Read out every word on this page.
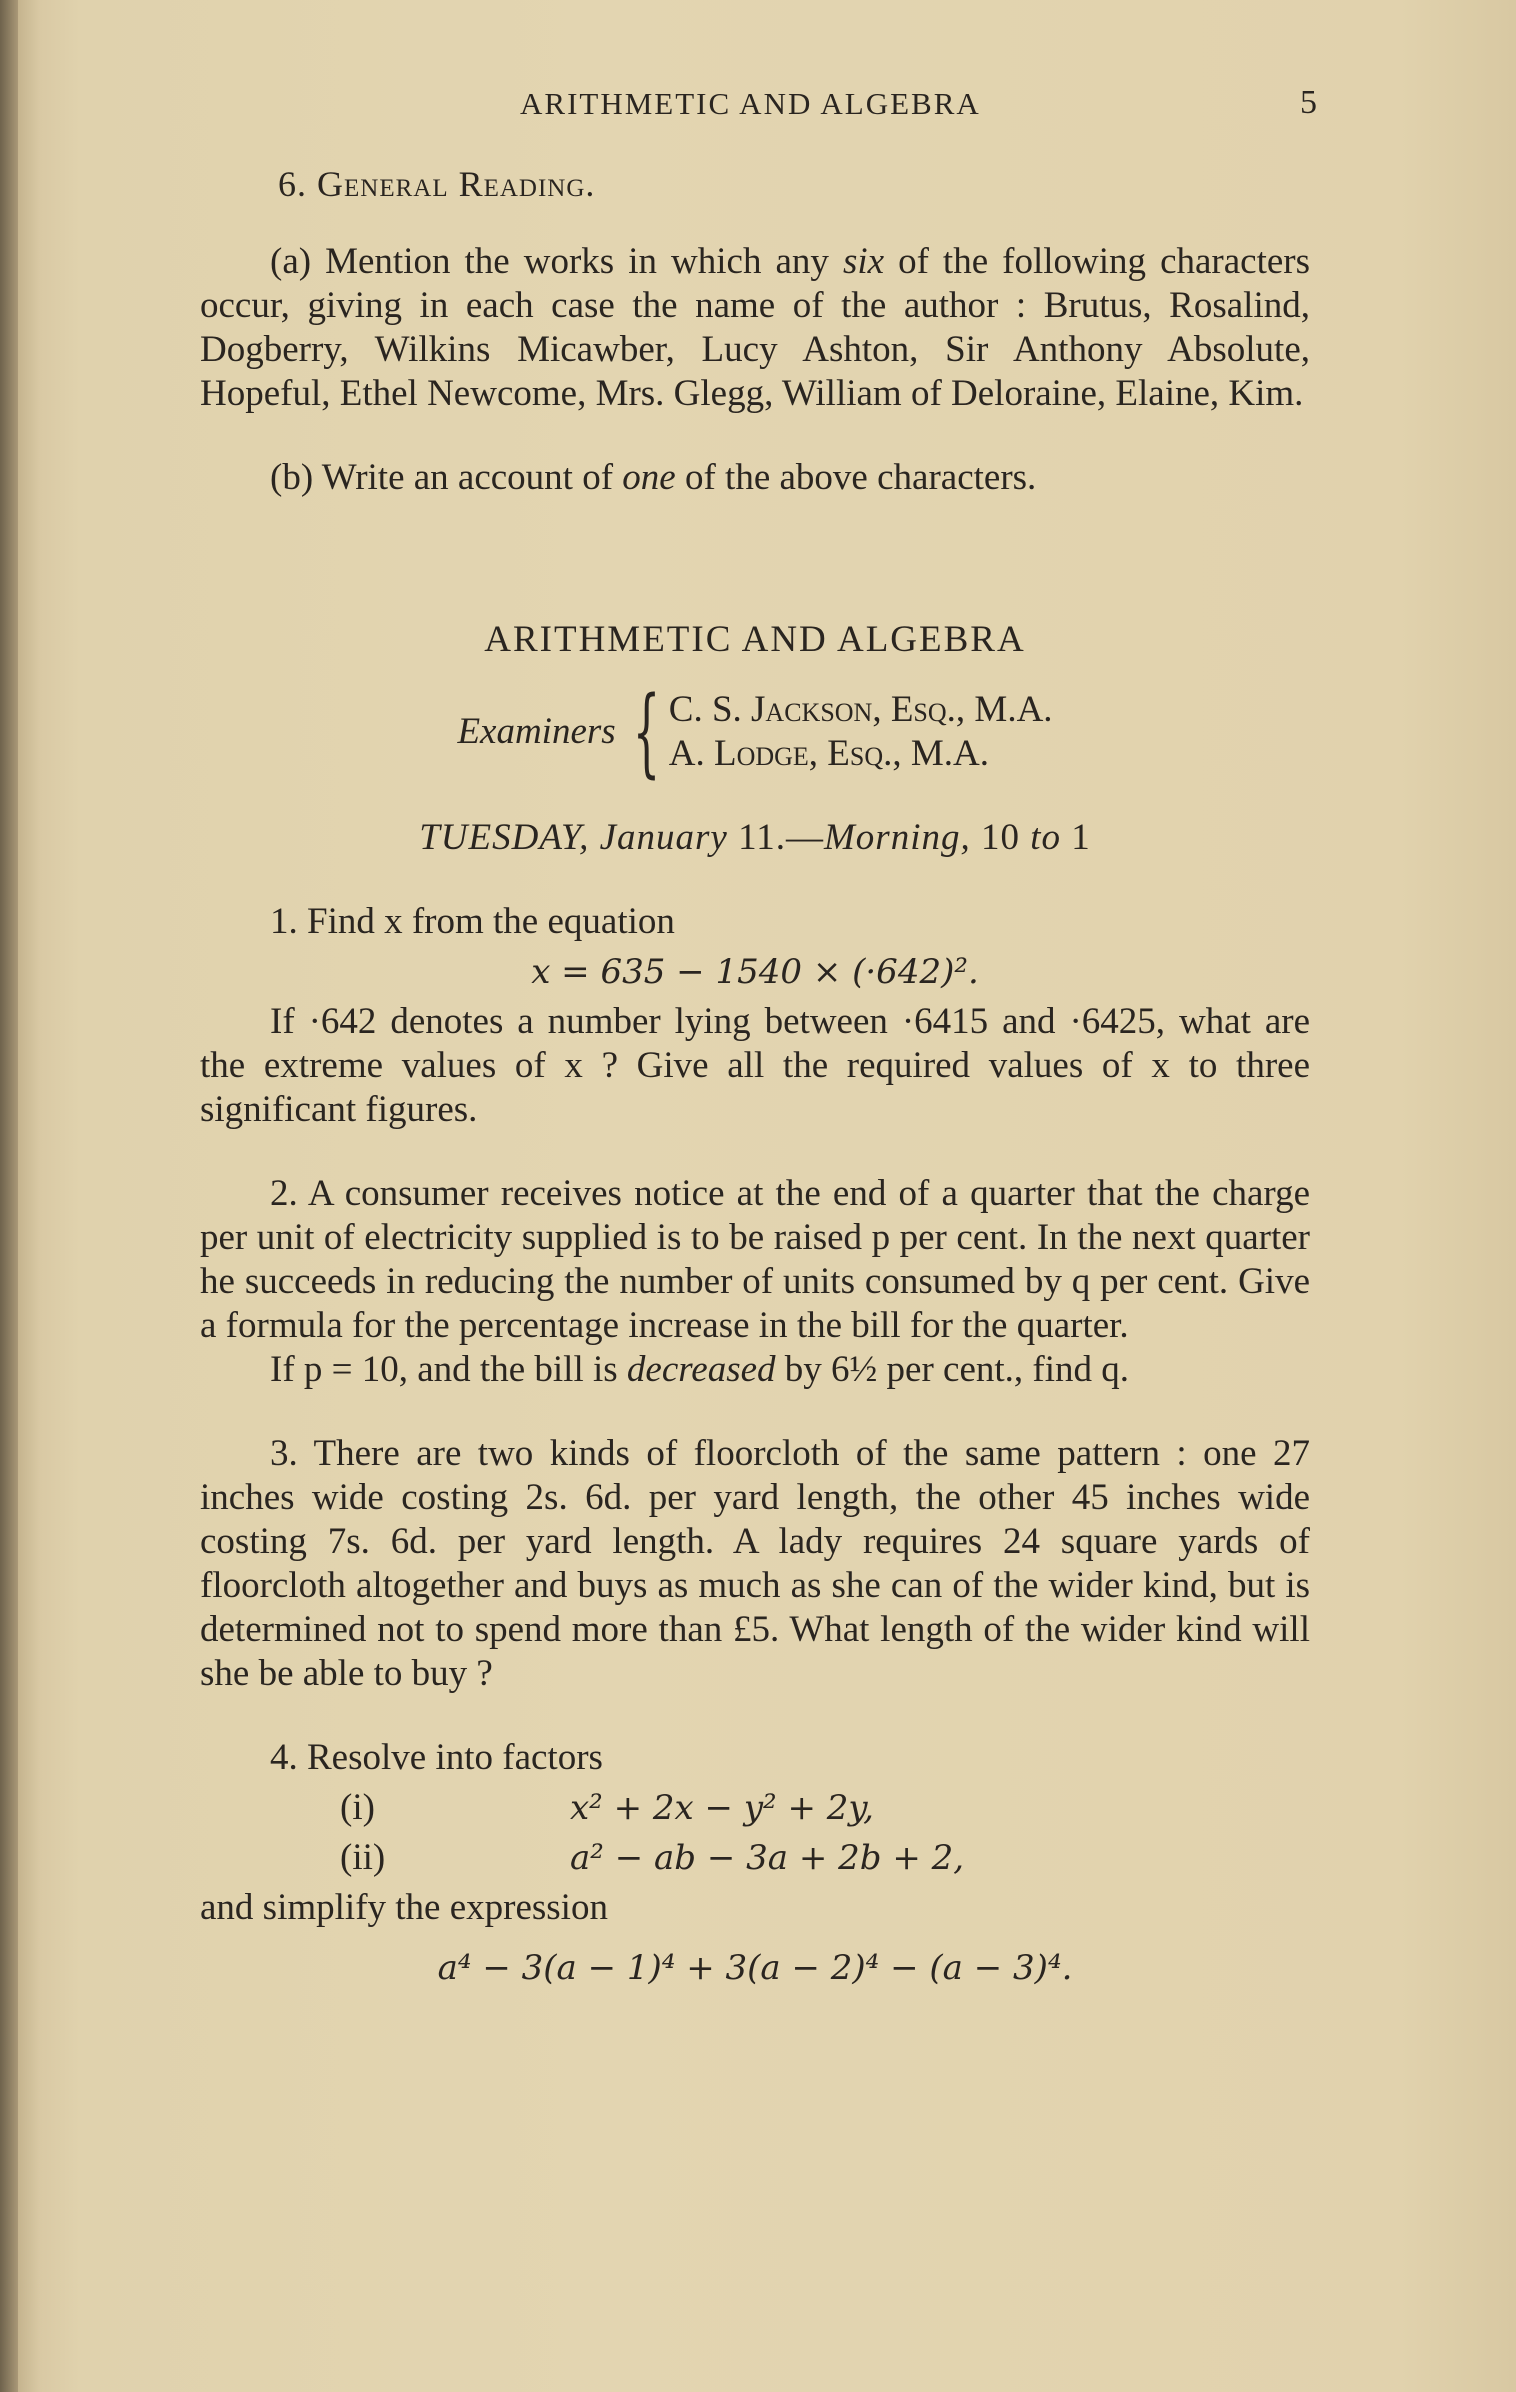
ARITHMETIC AND ALGEBRA	5

6. General Reading.

(a) Mention the works in which any six of the following characters occur, giving in each case the name of the author : Brutus, Rosalind, Dogberry, Wilkins Micawber, Lucy Ashton, Sir Anthony Absolute, Hopeful, Ethel Newcome, Mrs. Glegg, William of Deloraine, Elaine, Kim.

(b) Write an account of one of the above characters.

ARITHMETIC AND ALGEBRA

Examiners { C. S. Jackson, Esq., M.A.
A. Lodge, Esq., M.A.

TUESDAY, January 11.—Morning, 10 to 1

1. Find x from the equation

x = 635 − 1540 × (·642)².

If ·642 denotes a number lying between ·6415 and ·6425, what are the extreme values of x ? Give all the required values of x to three significant figures.

2. A consumer receives notice at the end of a quarter that the charge per unit of electricity supplied is to be raised p per cent. In the next quarter he succeeds in reducing the number of units consumed by q per cent. Give a formula for the percentage increase in the bill for the quarter.

If p = 10, and the bill is decreased by 6½ per cent., find q.

3. There are two kinds of floorcloth of the same pattern : one 27 inches wide costing 2s. 6d. per yard length, the other 45 inches wide costing 7s. 6d. per yard length. A lady requires 24 square yards of floorcloth altogether and buys as much as she can of the wider kind, but is determined not to spend more than £5. What length of the wider kind will she be able to buy ?

4. Resolve into factors

(i)	x² + 2x − y² + 2y,
(ii)	a² − ab − 3a + 2b + 2,

and simplify the expression

a⁴ − 3(a − 1)⁴ + 3(a − 2)⁴ − (a − 3)⁴.
